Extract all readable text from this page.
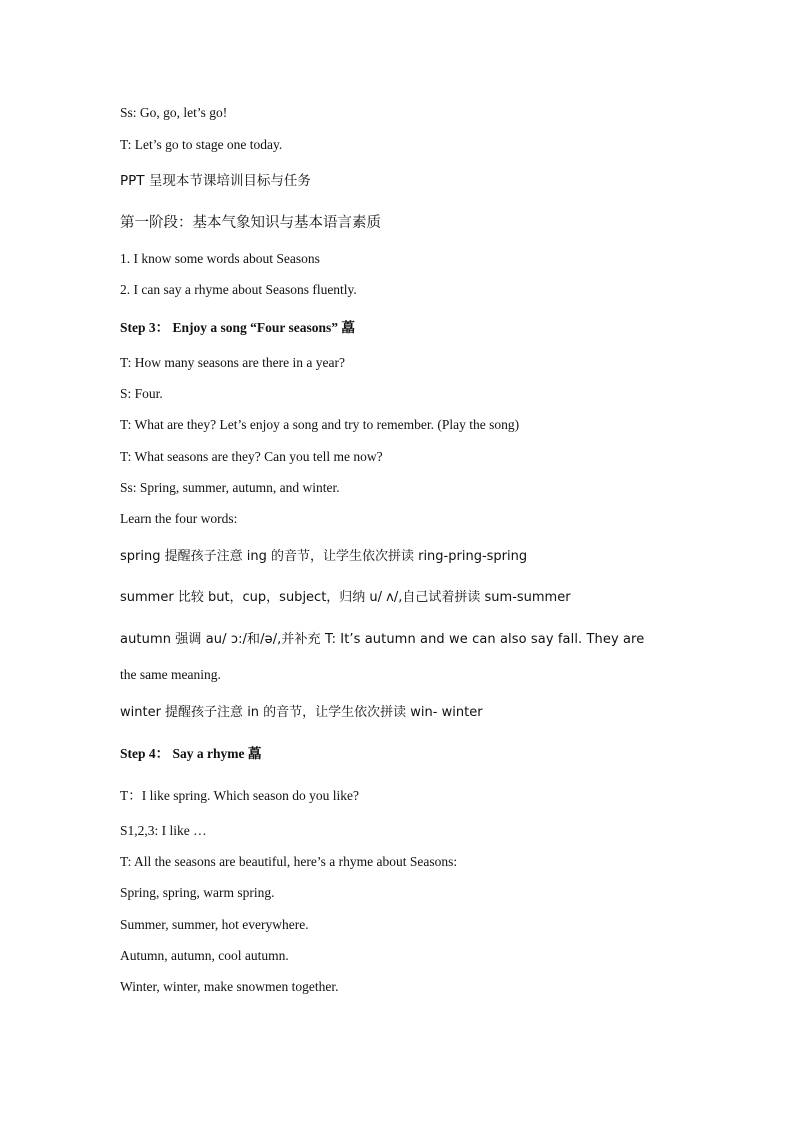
Ss: Go, go, let’s go!
T: Let’s go to stage one today.
PPT 呈现本节课培训目标与任务
第一阶段：基本气象知识与基本语言素质
1. I know some words about Seasons
2. I can say a rhyme about Seasons fluently.
Step 3： Enjoy a song “Four seasons” 藠
T: How many seasons are there in a year?
S: Four.
T: What are they? Let’s enjoy a song and try to remember. (Play the song)
T: What seasons are they? Can you tell me now?
Ss: Spring, summer, autumn, and winter.
Learn the four words:
spring 提醒孩子注意 ing 的音节，让学生依次拼读 ring-pring-spring
summer 比较 but，cup，subject，归纳 u/ ʌ/,自己试着拼读 sum-summer
autumn 强调 au/ ɔ:/和/ə/,并补充 T: It’s autumn and we can also say fall. They are
the same meaning.
winter 提醒孩子注意 in 的音节，让学生依次拼读 win- winter
Step 4： Say a rhyme 藠
T：I like spring. Which season do you like?
S1,2,3: I like …
T: All the seasons are beautiful, here’s a rhyme about Seasons:
Spring, spring, warm spring.
Summer, summer, hot everywhere.
Autumn, autumn, cool autumn.
Winter, winter, make snowmen together.
